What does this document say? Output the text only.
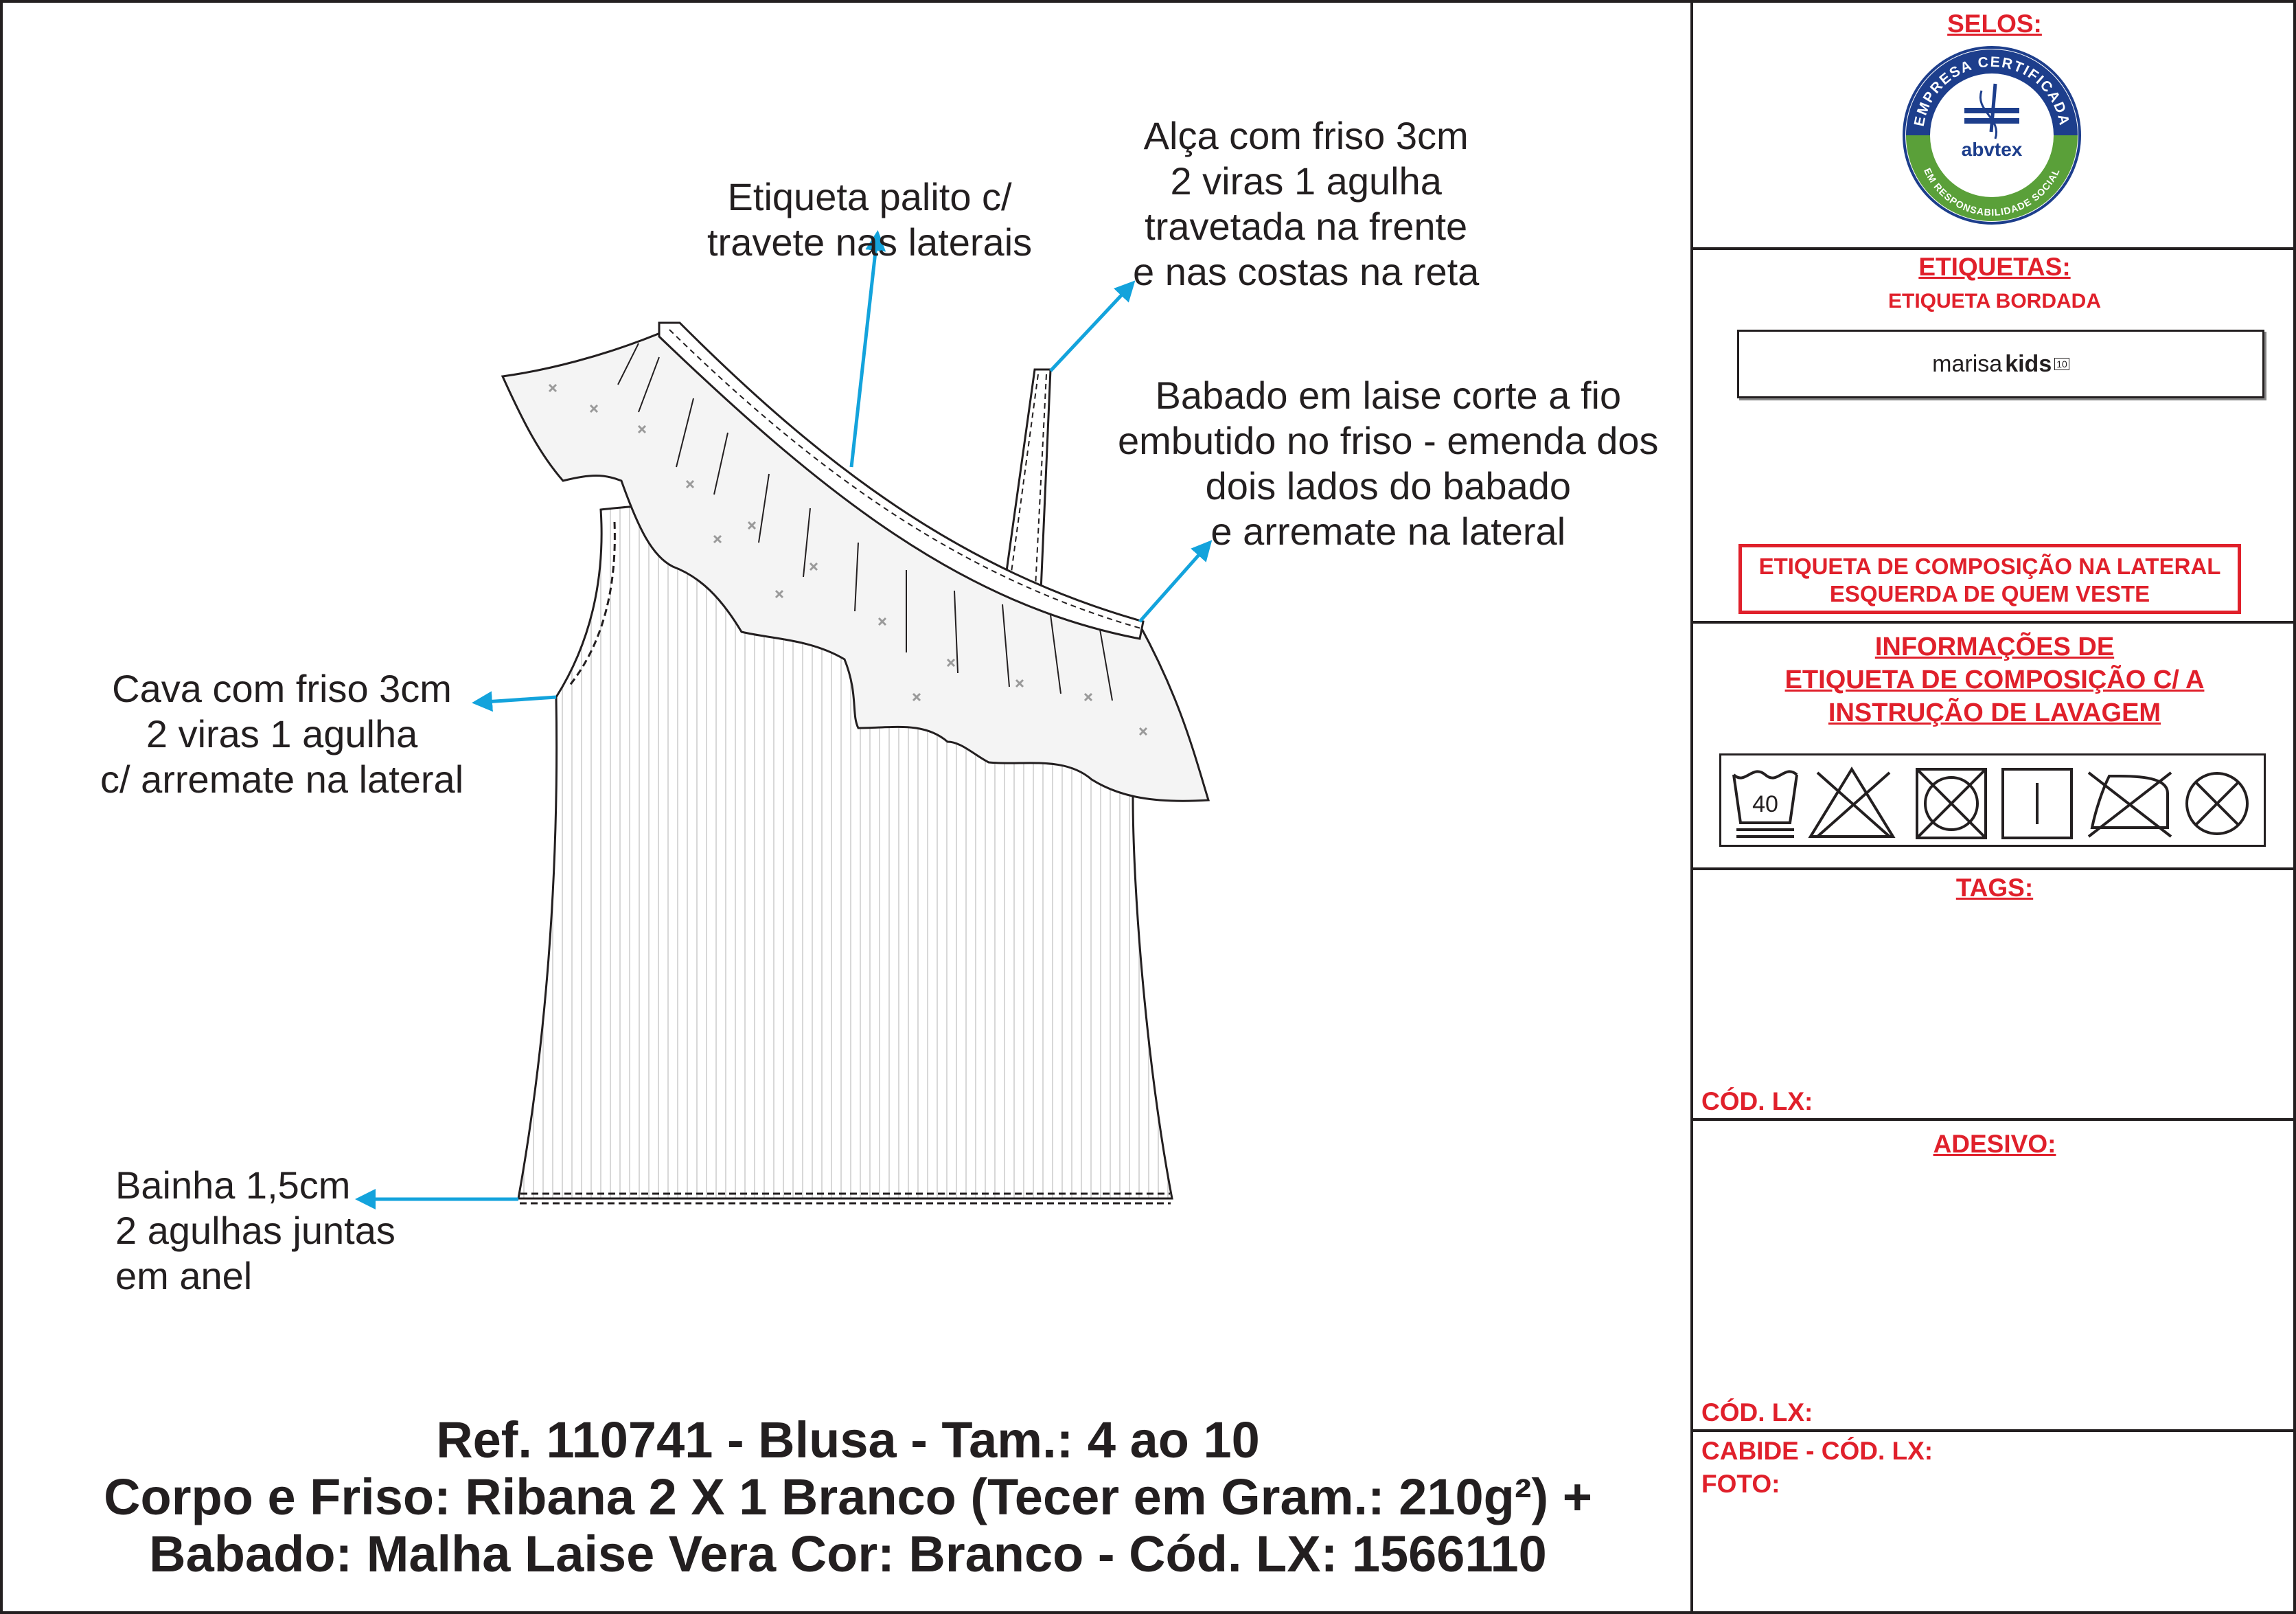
Etiqueta palito c/
travete nas laterais
Alça com friso 3cm
2 viras 1 agulha
travetada na frente
e nas costas na reta
Babado em laise corte a fio
embutido no friso - emenda dos
dois lados do babado
e arremate na lateral
Cava com friso 3cm
2 viras 1 agulha
c/ arremate na lateral
Bainha 1,5cm
2 agulhas juntas
em anel
Ref. 110741 - Blusa - Tam.: 4 ao 10
Corpo e Friso: Ribana 2 X 1 Branco (Tecer em Gram.: 210g²) +
Babado: Malha Laise Vera Cor: Branco - Cód. LX: 1566110
SELOS:
EMPRESA CERTIFICADA
EM RESPONSABILIDADE SOCIAL
abvtex
ETIQUETAS:
ETIQUETA BORDADA
marisa kids 10
ETIQUETA DE COMPOSIÇÃO NA LATERAL
ESQUERDA DE QUEM VESTE
INFORMAÇÕES DE
ETIQUETA DE COMPOSIÇÃO C/ A
INSTRUÇÃO DE LAVAGEM
40
TAGS:
CÓD. LX:
ADESIVO:
CÓD. LX:
CABIDE - CÓD. LX:
FOTO:
